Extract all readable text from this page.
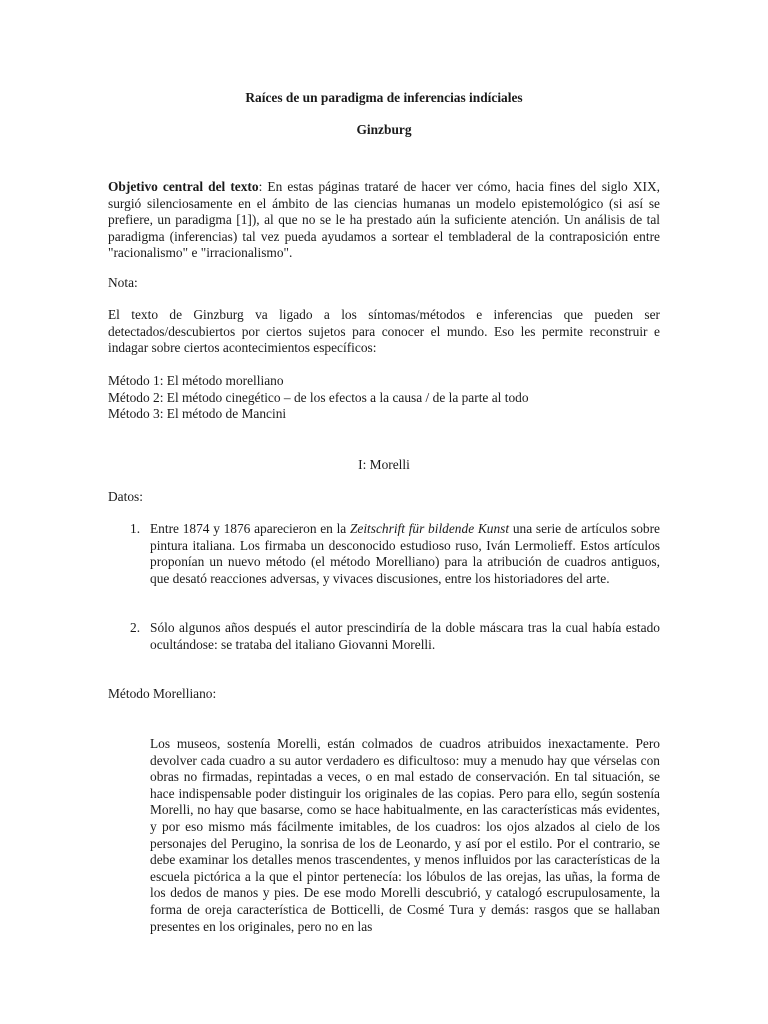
Raíces de un paradigma de inferencias indíciales
Ginzburg
Objetivo central del texto: En estas páginas trataré de hacer ver cómo, hacia fines del siglo XIX, surgió silenciosamente en el ámbito de las ciencias humanas un modelo epistemológico (si así se prefiere, un paradigma [1]), al que no se le ha prestado aún la suficiente atención. Un análisis de tal paradigma (inferencias) tal vez pueda ayudamos a sortear el tembladeral de la contraposición entre "racionalismo" e "irracionalismo".
Nota:
El texto de Ginzburg va ligado a los síntomas/métodos e inferencias que pueden ser detectados/descubiertos por ciertos sujetos para conocer el mundo. Eso les permite reconstruir e indagar sobre ciertos acontecimientos específicos:
Método 1: El método morelliano
Método 2: El método cinegético – de los efectos a la causa / de la parte al todo
Método 3: El método de Mancini
I: Morelli
Datos:
1. Entre 1874 y 1876 aparecieron en la Zeitschrift für bildende Kunst una serie de artículos sobre pintura italiana. Los firmaba un desconocido estudioso ruso, Iván Lermolieff. Estos artículos proponían un nuevo método (el método Morelliano) para la atribución de cuadros antiguos, que desató reacciones adversas, y vivaces discusiones, entre los historiadores del arte.
2. Sólo algunos años después el autor prescindiría de la doble máscara tras la cual había estado ocultándose: se trataba del italiano Giovanni Morelli.
Método Morelliano:
Los museos, sostenía Morelli, están colmados de cuadros atribuidos inexactamente. Pero devolver cada cuadro a su autor verdadero es dificultoso: muy a menudo hay que vérselas con obras no firmadas, repintadas a veces, o en mal estado de conservación. En tal situación, se hace indispensable poder distinguir los originales de las copias. Pero para ello, según sostenía Morelli, no hay que basarse, como se hace habitualmente, en las características más evidentes, y por eso mismo más fácilmente imitables, de los cuadros: los ojos alzados al cielo de los personajes del Perugino, la sonrisa de los de Leonardo, y así por el estilo. Por el contrario, se debe examinar los detalles menos trascendentes, y menos influidos por las características de la escuela pictórica a la que el pintor pertenecía: los lóbulos de las orejas, las uñas, la forma de los dedos de manos y pies. De ese modo Morelli descubrió, y catalogó escrupulosamente, la forma de oreja característica de Botticelli, de Cosmé Tura y demás: rasgos que se hallaban presentes en los originales, pero no en las
